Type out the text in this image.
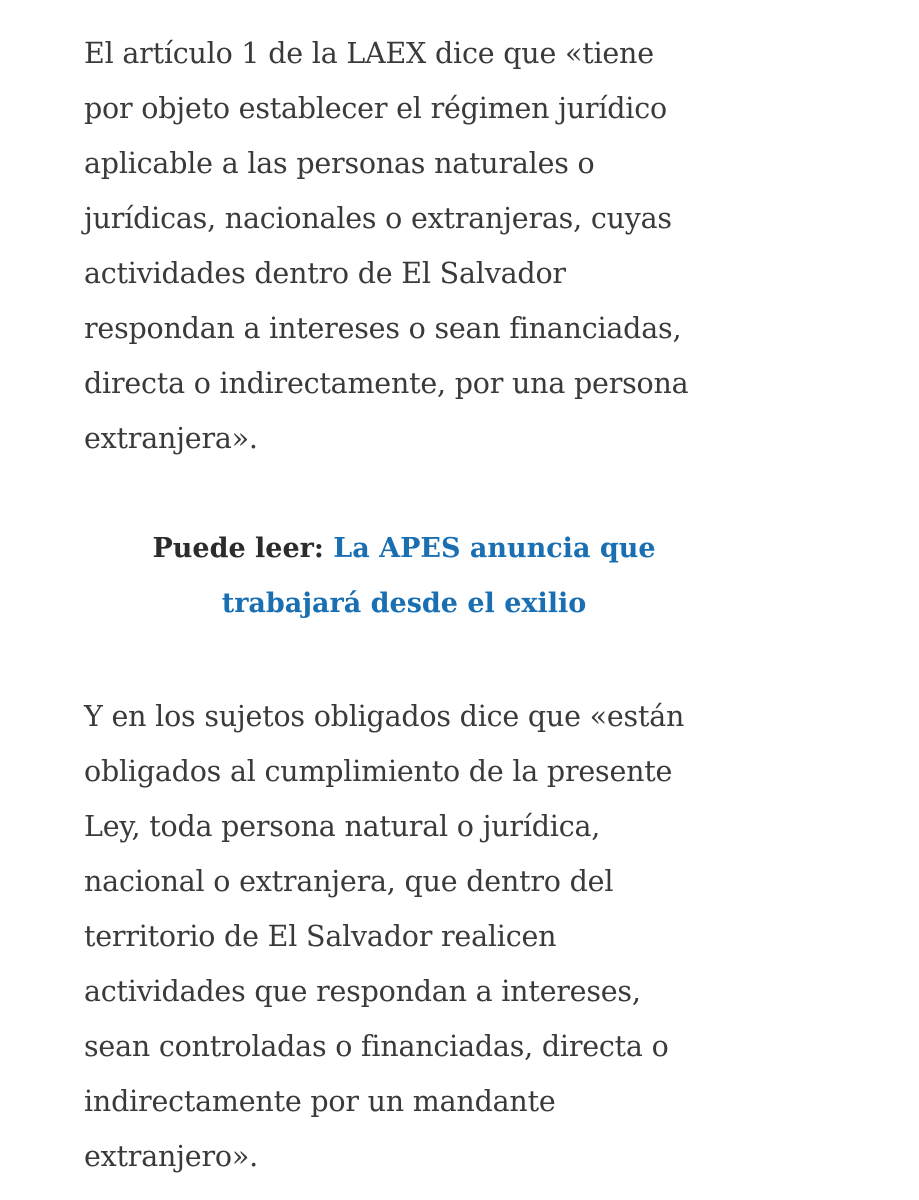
El artículo 1 de la LAEX dice que «tiene
por objeto establecer el régimen jurídico
aplicable a las personas naturales o
jurídicas, nacionales o extranjeras, cuyas
actividades dentro de El Salvador
respondan a intereses o sean financiadas,
directa o indirectamente, por una persona
extranjera».

Puede leer: La APES anuncia que
trabajará desde el exilio

Y en los sujetos obligados dice que «están
obligados al cumplimiento de la presente
Ley, toda persona natural o jurídica,
nacional o extranjera, que dentro del
territorio de El Salvador realicen
actividades que respondan a intereses,
sean controladas o financiadas, directa o
indirectamente por un mandante
extranjero».
